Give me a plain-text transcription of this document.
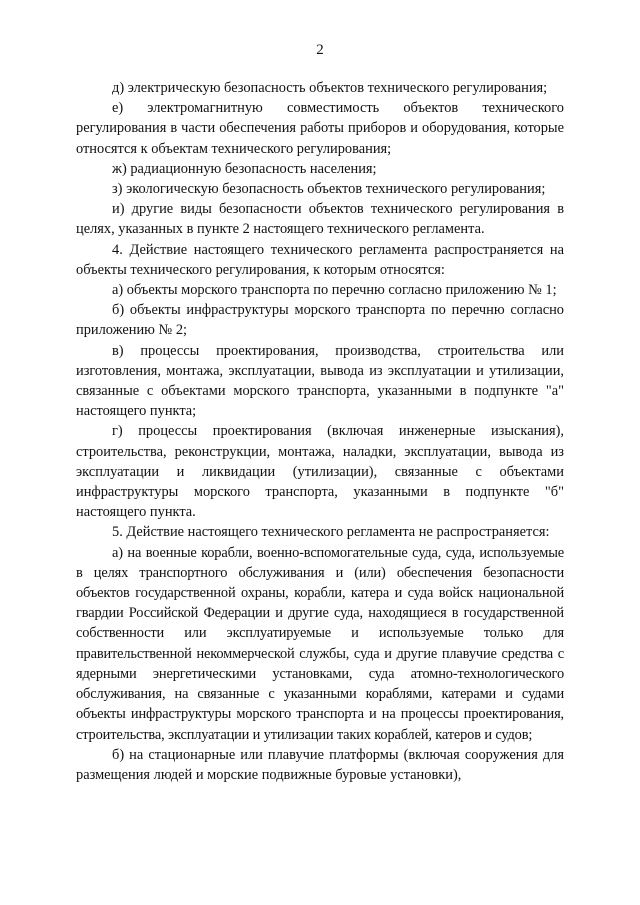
2

д) электрическую безопасность объектов технического регулирования;

е) электромагнитную совместимость объектов технического регулирования в части обеспечения работы приборов и оборудования, которые относятся к объектам технического регулирования;

ж) радиационную безопасность населения;

з) экологическую безопасность объектов технического регулирования;

и) другие виды безопасности объектов технического регулирования в целях, указанных в пункте 2 настоящего технического регламента.

4. Действие настоящего технического регламента распространяется на объекты технического регулирования, к которым относятся:

а) объекты морского транспорта по перечню согласно приложению № 1;

б) объекты инфраструктуры морского транспорта по перечню согласно приложению № 2;

в) процессы проектирования, производства, строительства или изготовления, монтажа, эксплуатации, вывода из эксплуатации и утилизации, связанные с объектами морского транспорта, указанными в подпункте "а" настоящего пункта;

г) процессы проектирования (включая инженерные изыскания), строительства, реконструкции, монтажа, наладки, эксплуатации, вывода из эксплуатации и ликвидации (утилизации), связанные с объектами инфраструктуры морского транспорта, указанными в подпункте "б" настоящего пункта.

5. Действие настоящего технического регламента не распространяется:

а) на военные корабли, военно-вспомогательные суда, суда, используемые в целях транспортного обслуживания и (или) обеспечения безопасности объектов государственной охраны, корабли, катера и суда войск национальной гвардии Российской Федерации и другие суда, находящиеся в государственной собственности или эксплуатируемые и используемые только для правительственной некоммерческой службы, суда и другие плавучие средства с ядерными энергетическими установками, суда атомно-технологического обслуживания, на связанные с указанными кораблями, катерами и судами объекты инфраструктуры морского транспорта и на процессы проектирования, строительства, эксплуатации и утилизации таких кораблей, катеров и судов;

б) на стационарные или плавучие платформы (включая сооружения для размещения людей и морские подвижные буровые установки),
